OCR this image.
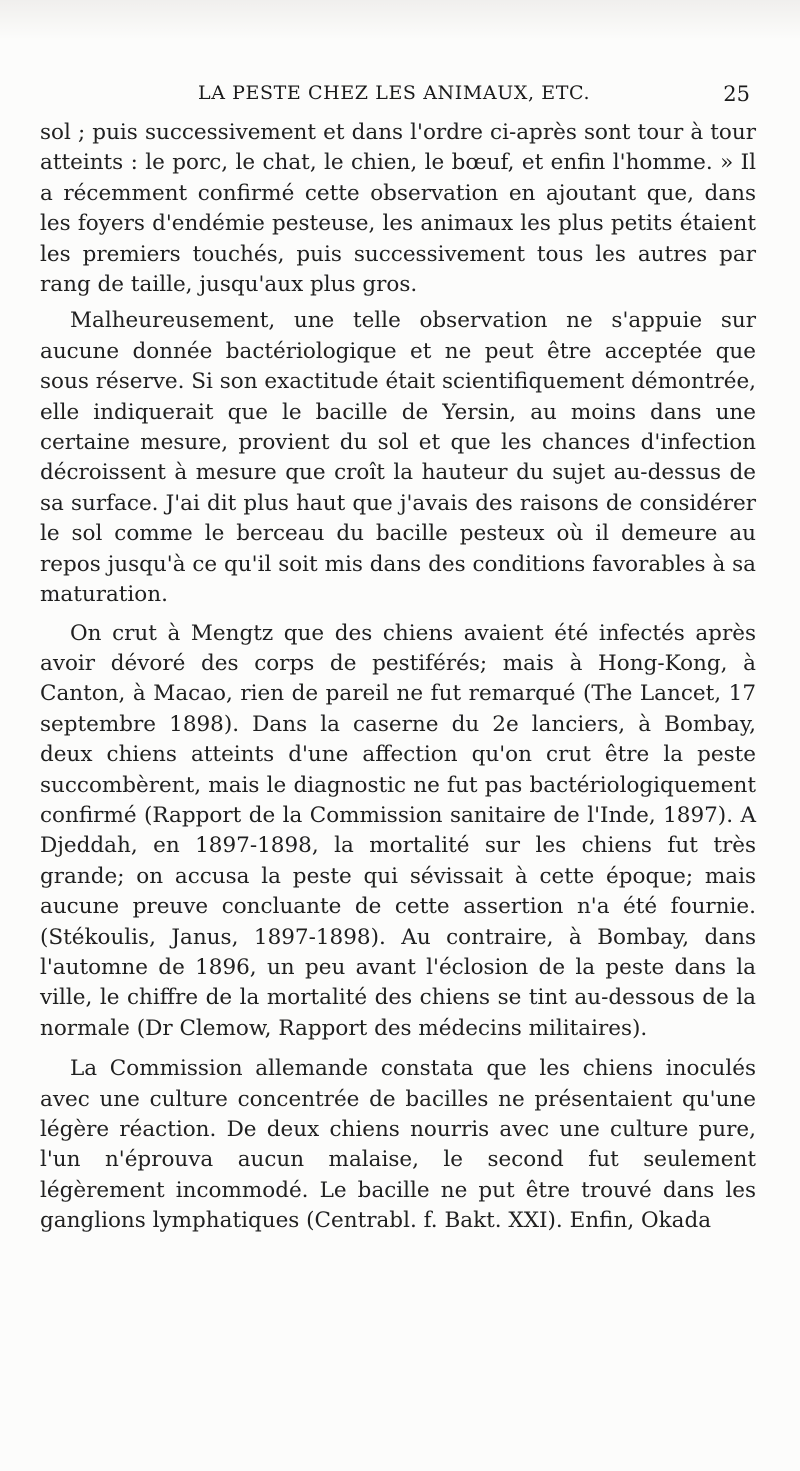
LA PESTE CHEZ LES ANIMAUX, ETC.	25

sol ; puis successivement et dans l'ordre ci-après sont tour à tour atteints : le porc, le chat, le chien, le bœuf, et enfin l'homme. » Il a récemment confirmé cette observation en ajoutant que, dans les foyers d'endémie pesteuse, les animaux les plus petits étaient les premiers touchés, puis successivement tous les autres par rang de taille, jusqu'aux plus gros.

Malheureusement, une telle observation ne s'appuie sur aucune donnée bactériologique et ne peut être acceptée que sous réserve. Si son exactitude était scientifiquement démontrée, elle indiquerait que le bacille de Yersin, au moins dans une certaine mesure, provient du sol et que les chances d'infection décroissent à mesure que croît la hauteur du sujet au-dessus de sa surface. J'ai dit plus haut que j'avais des raisons de considérer le sol comme le berceau du bacille pesteux où il demeure au repos jusqu'à ce qu'il soit mis dans des conditions favorables à sa maturation.

On crut à Mengtz que des chiens avaient été infectés après avoir dévoré des corps de pestiférés; mais à Hong-Kong, à Canton, à Macao, rien de pareil ne fut remarqué (The Lancet, 17 septembre 1898). Dans la caserne du 2e lanciers, à Bombay, deux chiens atteints d'une affection qu'on crut être la peste succombèrent, mais le diagnostic ne fut pas bactériologiquement confirmé (Rapport de la Commission sanitaire de l'Inde, 1897). A Djeddah, en 1897-1898, la mortalité sur les chiens fut très grande; on accusa la peste qui sévissait à cette époque; mais aucune preuve concluante de cette assertion n'a été fournie. (Stékoulis, Janus, 1897-1898). Au contraire, à Bombay, dans l'automne de 1896, un peu avant l'éclosion de la peste dans la ville, le chiffre de la mortalité des chiens se tint au-dessous de la normale (Dr Clemow, Rapport des médecins militaires).

La Commission allemande constata que les chiens inoculés avec une culture concentrée de bacilles ne présentaient qu'une légère réaction. De deux chiens nourris avec une culture pure, l'un n'éprouva aucun malaise, le second fut seulement légèrement incommodé. Le bacille ne put être trouvé dans les ganglions lymphatiques (Centrabl. f. Bakt. XXI). Enfin, Okada
